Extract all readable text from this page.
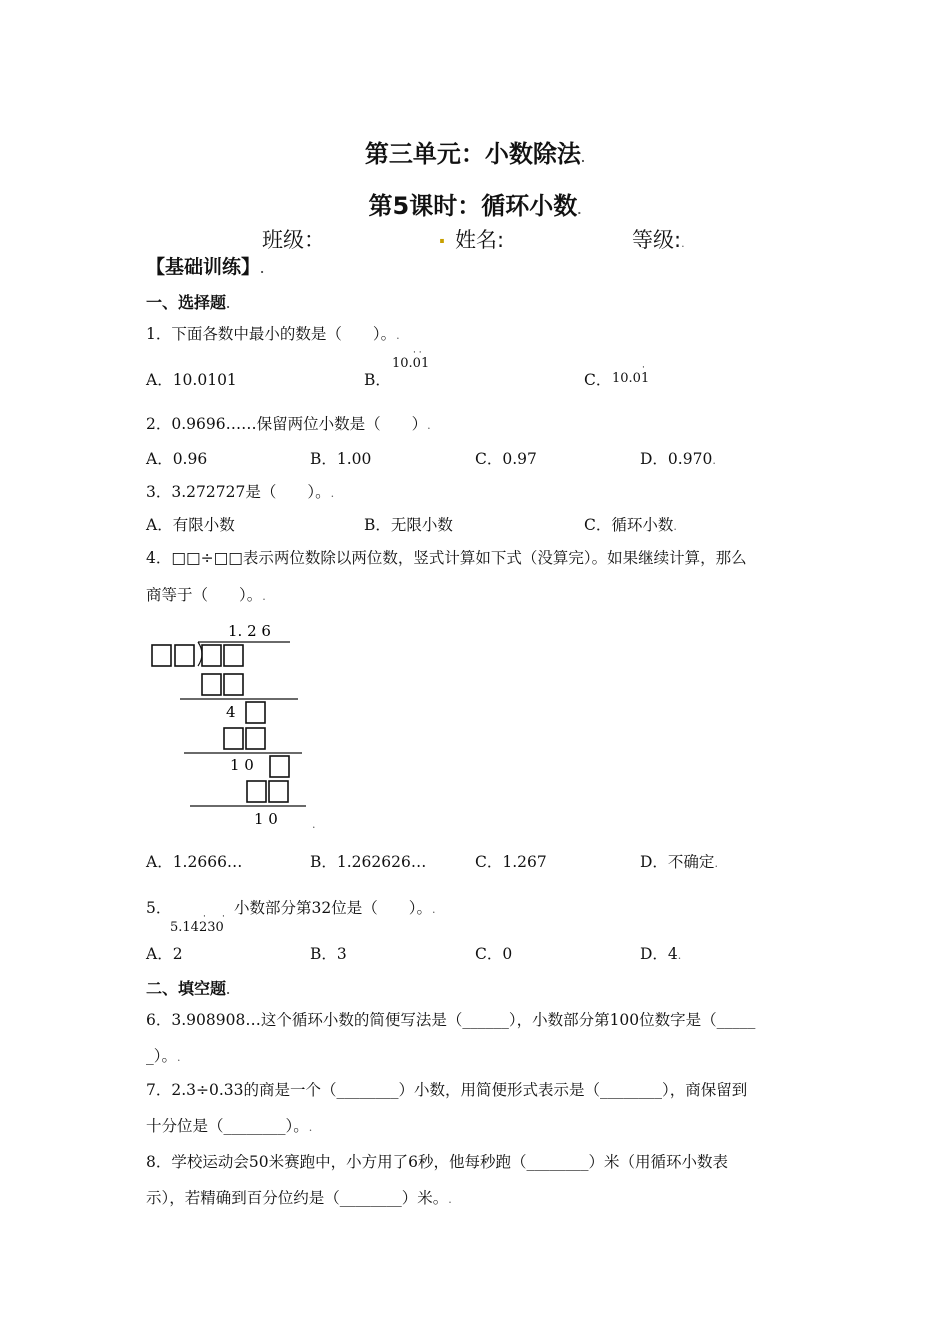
第三单元：小数除法.
第5课时：循环小数.
班级：	. 姓名:	等级:.
【基础训练】.
一、选择题.
1．下面各数中最小的数是（　　）。.
A．10.0101	B．
10.01
· ·
C． 10.01
·
2．0.9696……保留两位小数是（　　）.
A．0.96	B．1.00	C．0.97	D．0.970.
3．3.272727是（　　）。.
A．有限小数	B．无限小数	C．循环小数.
4．□□÷□□表示两位数除以两位数，竖式计算如下式（没算完）。如果继续计算，那么
商等于（　　）。.
1. 2 6
4
1 0
1 0	.
A．1.2666…	B．1.262626…	C．1.267	D．不确定.
5．
5.14230
· · 小数部分第32位是（　　）。.
A．2	B．3	C．0	D．4.
二、填空题.
6．3.908908…这个循环小数的简便写法是（______），小数部分第100位数字是（_____
_）。.
7．2.3÷0.33的商是一个（________）小数，用简便形式表示是（________），商保留到
十分位是（________）。.
8．学校运动会50米赛跑中，小方用了6秒，他每秒跑（________）米（用循环小数表
示），若精确到百分位约是（________）米。.
